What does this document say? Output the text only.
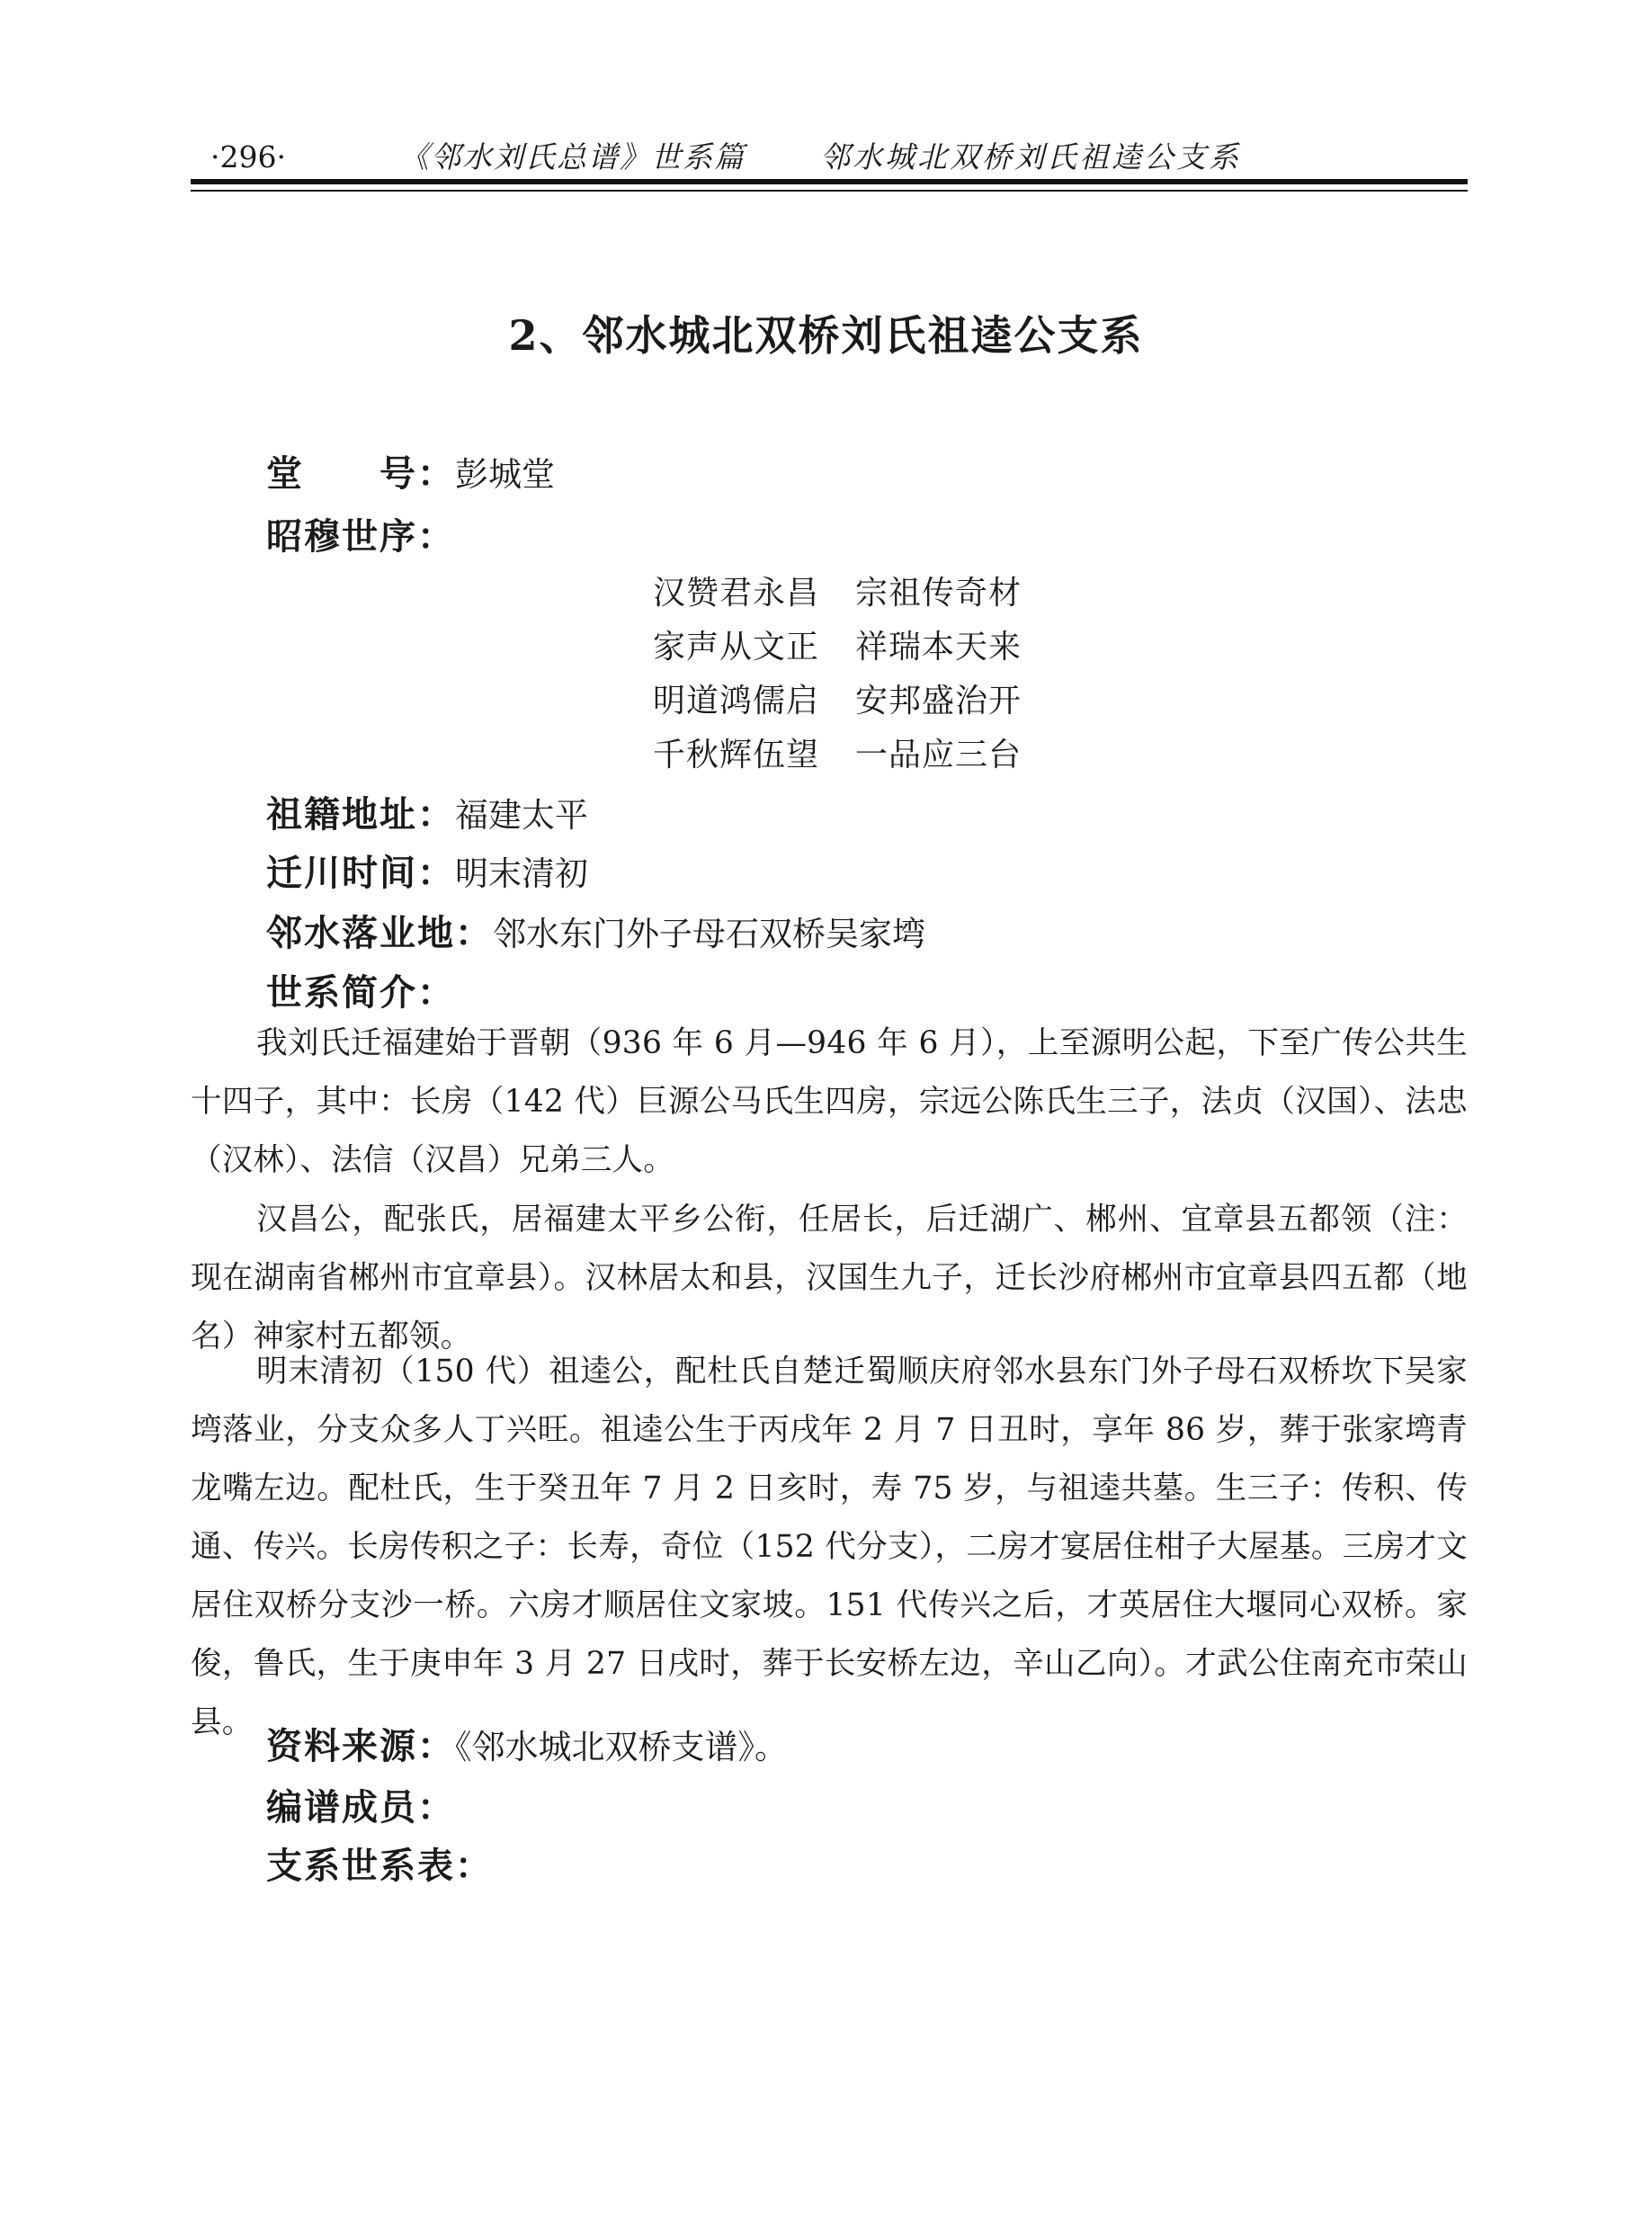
·296·	《邻水刘氏总谱》世系篇	邻水城北双桥刘氏祖逵公支系
2、邻水城北双桥刘氏祖逵公支系
堂 号：彭城堂
昭穆世序：
汉赞君永昌 宗祖传奇材
家声从文正 祥瑞本天来
明道鸿儒启 安邦盛治开
千秋辉伍望 一品应三台
祖籍地址：福建太平
迁川时间：明末清初
邻水落业地：邻水东门外子母石双桥吴家塆
世系简介：

我刘氏迁福建始于晋朝（936 年 6 月—946 年 6 月），上至源明公起，下至广传公共生十四子，其中：长房（142 代）巨源公马氏生四房，宗远公陈氏生三子，法贞（汉国）、法忠（汉林）、法信（汉昌）兄弟三人。

汉昌公，配张氏，居福建太平乡公衔，任居长，后迁湖广、郴州、宜章县五都领（注：现在湖南省郴州市宜章县）。汉林居太和县，汉国生九子，迁长沙府郴州市宜章县四五都（地名）神家村五都领。

明末清初（150 代）祖逵公，配杜氏自楚迁蜀顺庆府邻水县东门外子母石双桥坎下吴家塆落业，分支众多人丁兴旺。祖逵公生于丙戌年 2 月 7 日丑时，享年 86 岁，葬于张家塆青龙嘴左边。配杜氏，生于癸丑年 7 月 2 日亥时，寿 75 岁，与祖逵共墓。生三子：传积、传通、传兴。长房传积之子：长寿，奇位（152 代分支），二房才宴居住柑子大屋基。三房才文居住双桥分支沙一桥。六房才顺居住文家坡。151 代传兴之后，才英居住大堰同心双桥。家俊，鲁氏，生于庚申年 3 月 27 日戌时，葬于长安桥左边，辛山乙向）。才武公住南充市荣山县。

资料来源：《邻水城北双桥支谱》。
编谱成员：
支系世系表：
